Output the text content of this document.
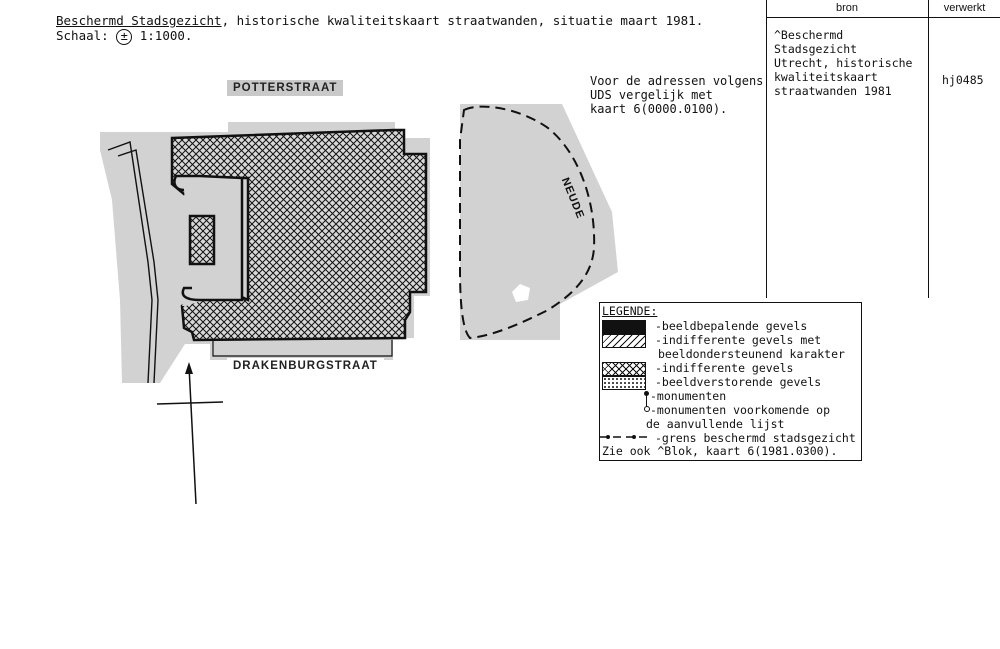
Beschermd Stadsgezicht, historische kwaliteitskaart straatwanden, situatie maart 1981.
Schaal: ± 1:1000.
Voor de adressen volgens
UDS vergelijk met
kaart 6(0000.0100).
bron	verwerkt
^Beschermd Stadsgezicht
Utrecht, historische
kwaliteitskaart
straatwanden 1981
hj0485
POTTERSTRAAT
DRAKENBURGSTRAAT
NEUDE
LEGENDE:
-beeldbepalende gevels
-indifferente gevels met
beeldondersteunend karakter
-indifferente gevels
-beeldverstorende gevels
-monumenten
-monumenten voorkomende op
de aanvullende lijst
-grens beschermd stadsgezicht
Zie ook ^Blok, kaart 6(1981.0300).
